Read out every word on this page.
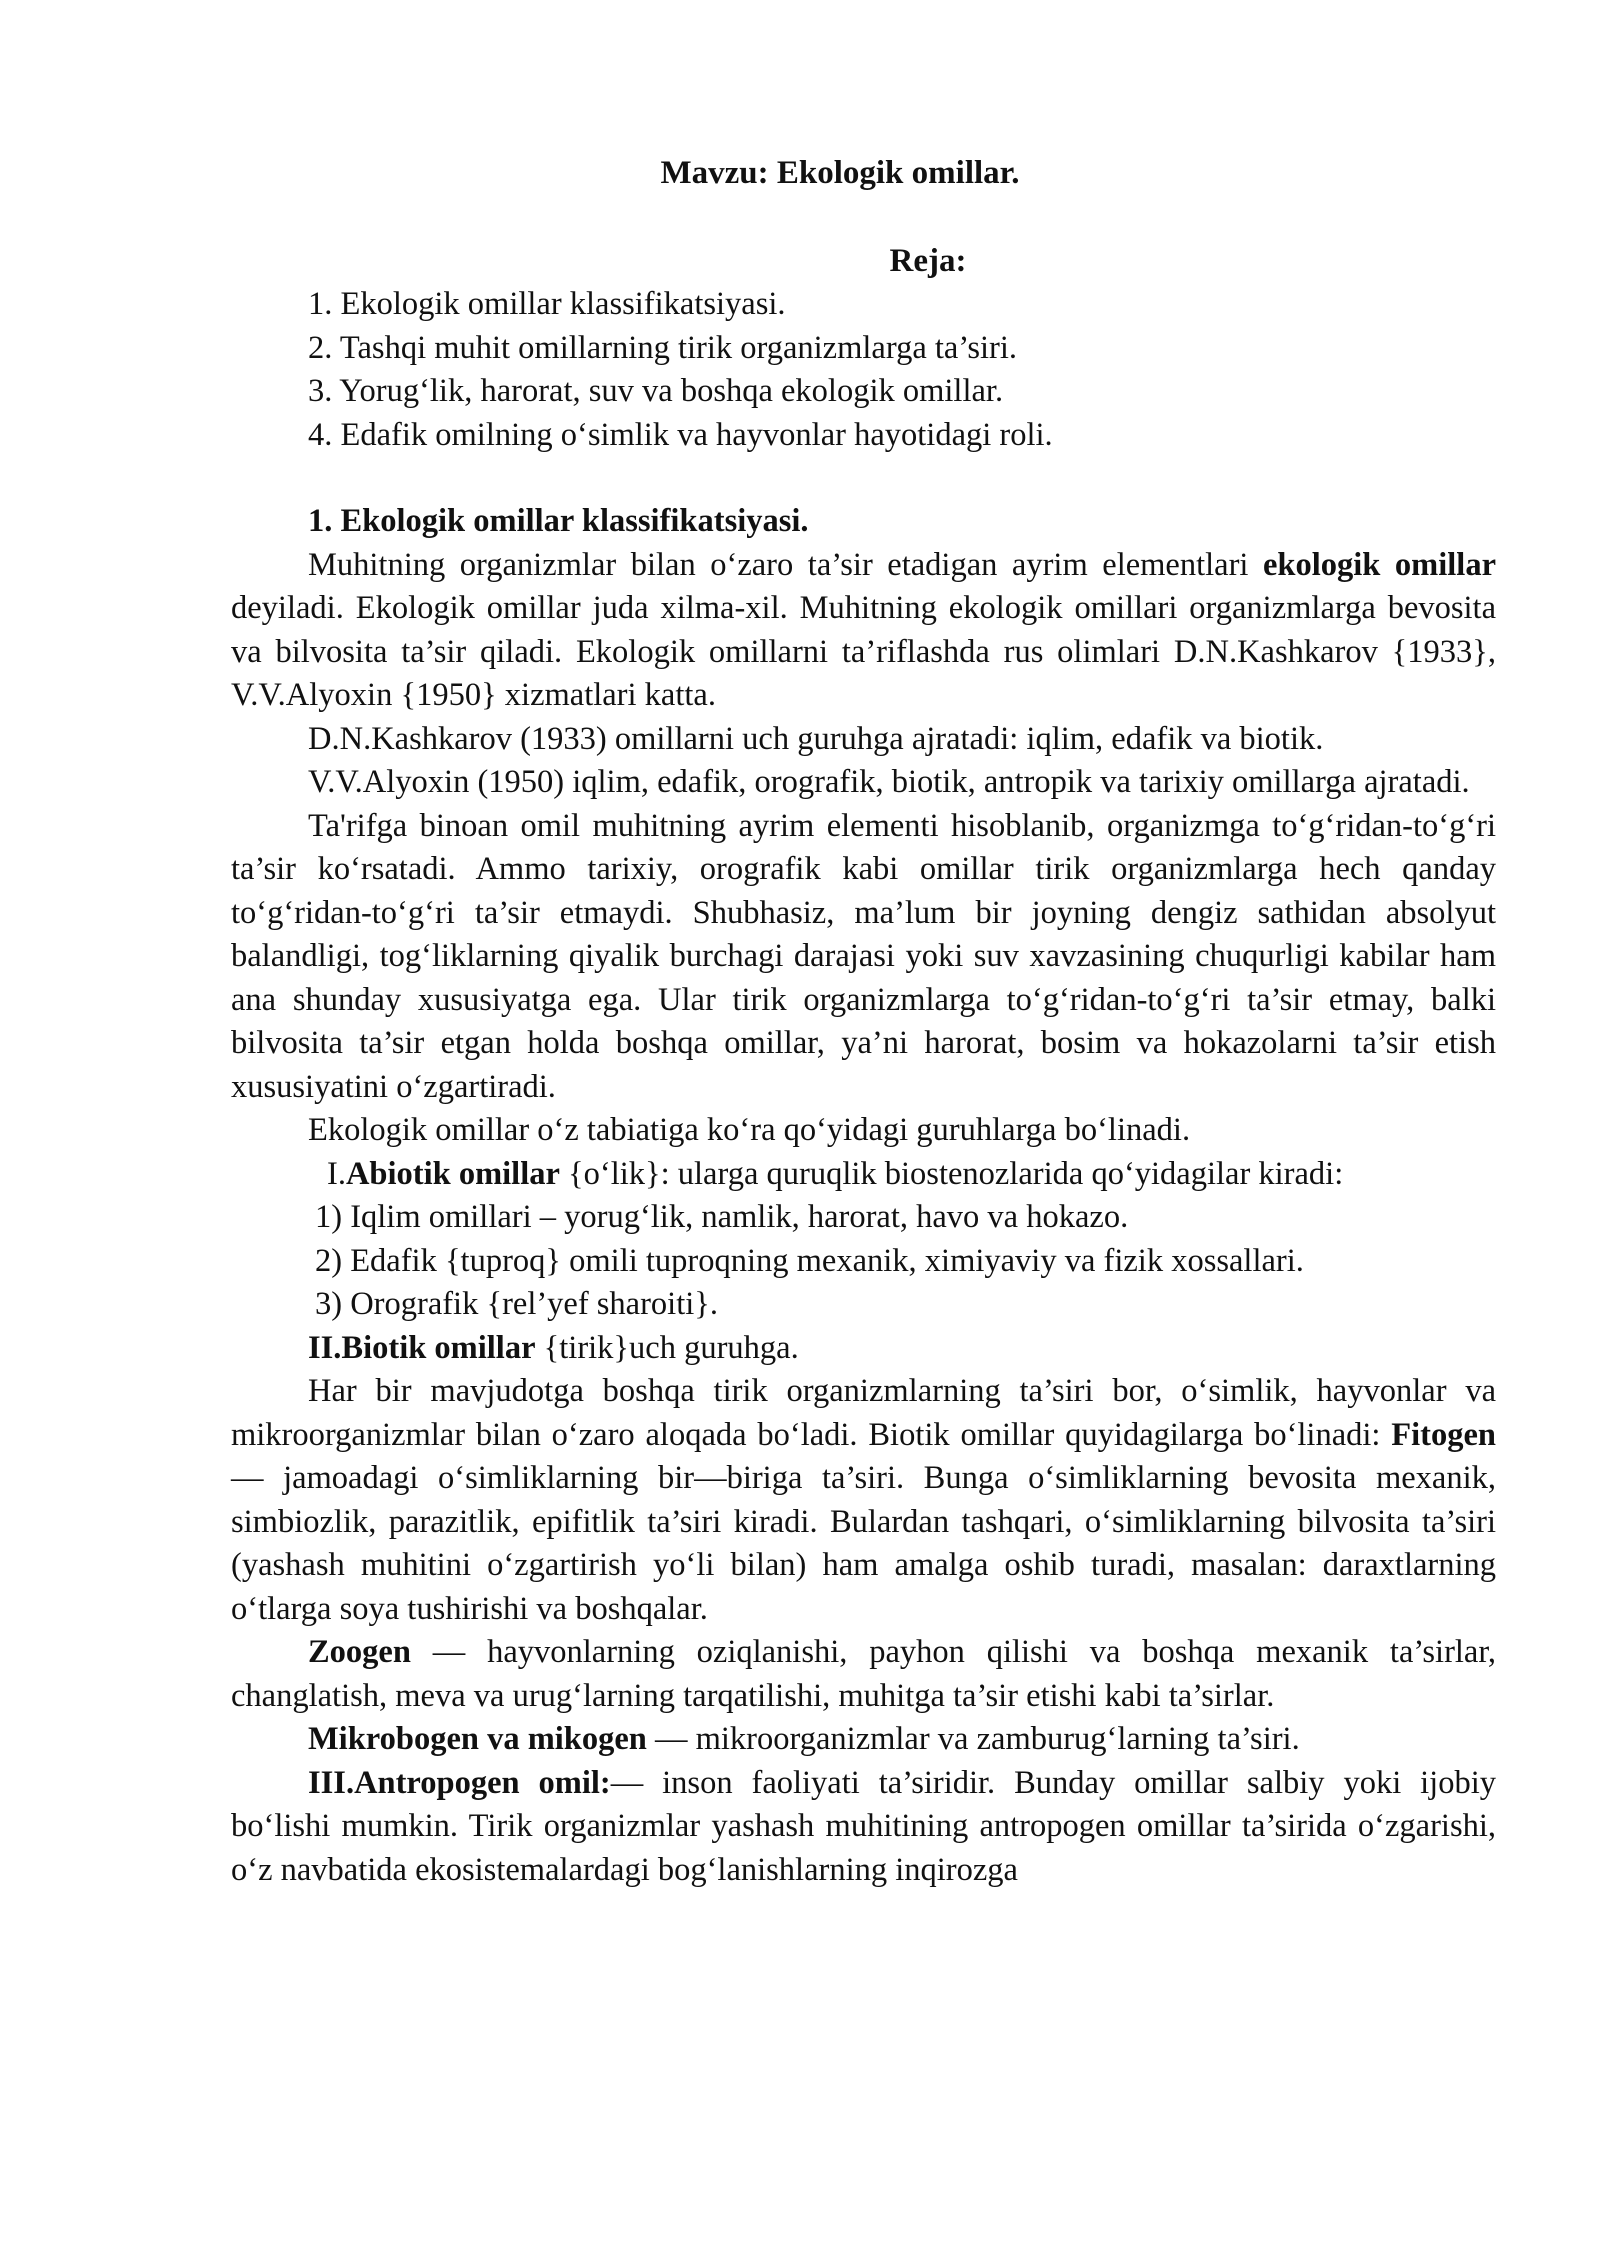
Mavzu: Ekologik omillar.

Reja:

1. Ekologik omillar klassifikatsiyasi.
2. Tashqi muhit omillarning tirik organizmlarga ta’siri.
3. Yorug‘lik, harorat, suv va boshqa ekologik omillar.
4. Edafik omilning o‘simlik va hayvonlar hayotidagi roli.

1. Ekologik omillar klassifikatsiyasi.

Muhitning organizmlar bilan o‘zaro ta’sir etadigan ayrim elementlari ekologik omillar deyiladi. Ekologik omillar juda xilma-xil. Muhitning ekologik omillari organizmlarga bevosita va bilvosita ta’sir qiladi. Ekologik omillarni ta’riflashda rus olimlari D.N.Kashkarov {1933}, V.V.Alyoxin {1950} xizmatlari katta.

D.N.Kashkarov (1933) omillarni uch guruhga ajratadi: iqlim, edafik va biotik.

V.V.Alyoxin (1950) iqlim, edafik, orografik, biotik, antropik va tarixiy omillarga ajratadi.

Ta'rifga binoan omil muhitning ayrim elementi hisoblanib, organizmga to‘g‘ridan-to‘g‘ri ta’sir ko‘rsatadi. Ammo tarixiy, orografik kabi omillar tirik organizmlarga hech qanday to‘g‘ridan-to‘g‘ri ta’sir etmaydi. Shubhasiz, ma’lum bir joyning dengiz sathidan absolyut balandligi, tog‘liklarning qiyalik burchagi darajasi yoki suv xavzasining chuqurligi kabilar ham ana shunday xususiyatga ega. Ular tirik organizmlarga to‘g‘ridan-to‘g‘ri ta’sir etmay, balki bilvosita ta’sir etgan holda boshqa omillar, ya’ni harorat, bosim va hokazolarni ta’sir etish xususiyatini o‘zgartiradi.

Ekologik omillar o‘z tabiatiga ko‘ra qo‘yidagi guruhlarga bo‘linadi.

I.Abiotik omillar {o‘lik}: ularga quruqlik biostenozlarida qo‘yidagilar kiradi:

1) Iqlim omillari – yorug‘lik, namlik, harorat, havo va hokazo.

2) Edafik {tuproq} omili tuproqning mexanik, ximiyaviy va fizik xossallari.

3) Orografik {rel’yef sharoiti}.

II.Biotik omillar {tirik}uch guruhga.

Har bir mavjudotga boshqa tirik organizmlarning ta’siri bor, o‘simlik, hayvonlar va mikroorganizmlar bilan o‘zaro aloqada bo‘ladi. Biotik omillar quyidagilarga bo‘linadi: Fitogen — jamoadagi o‘simliklarning bir—biriga ta’siri. Bunga o‘simliklarning bevosita mexanik, simbiozlik, parazitlik, epifitlik ta’siri kiradi. Bulardan tashqari, o‘simliklarning bilvosita ta’siri (yashash muhitini o‘zgartirish yo‘li bilan) ham amalga oshib turadi, masalan: daraxtlarning o‘tlarga soya tushirishi va boshqalar.

Zoogen — hayvonlarning oziqlanishi, payhon qilishi va boshqa mexanik ta’sirlar, changlatish, meva va urug‘larning tarqatilishi, muhitga ta’sir etishi kabi ta’sirlar.

Mikrobogen va mikogen — mikroorganizmlar va zamburug‘larning ta’siri.

III.Antropogen omil:— inson faoliyati ta’siridir. Bunday omillar salbiy yoki ijobiy bo‘lishi mumkin. Tirik organizmlar yashash muhitining antropogen omillar ta’sirida o‘zgarishi, o‘z navbatida ekosistemalardagi bog‘lanishlarning inqirozga
